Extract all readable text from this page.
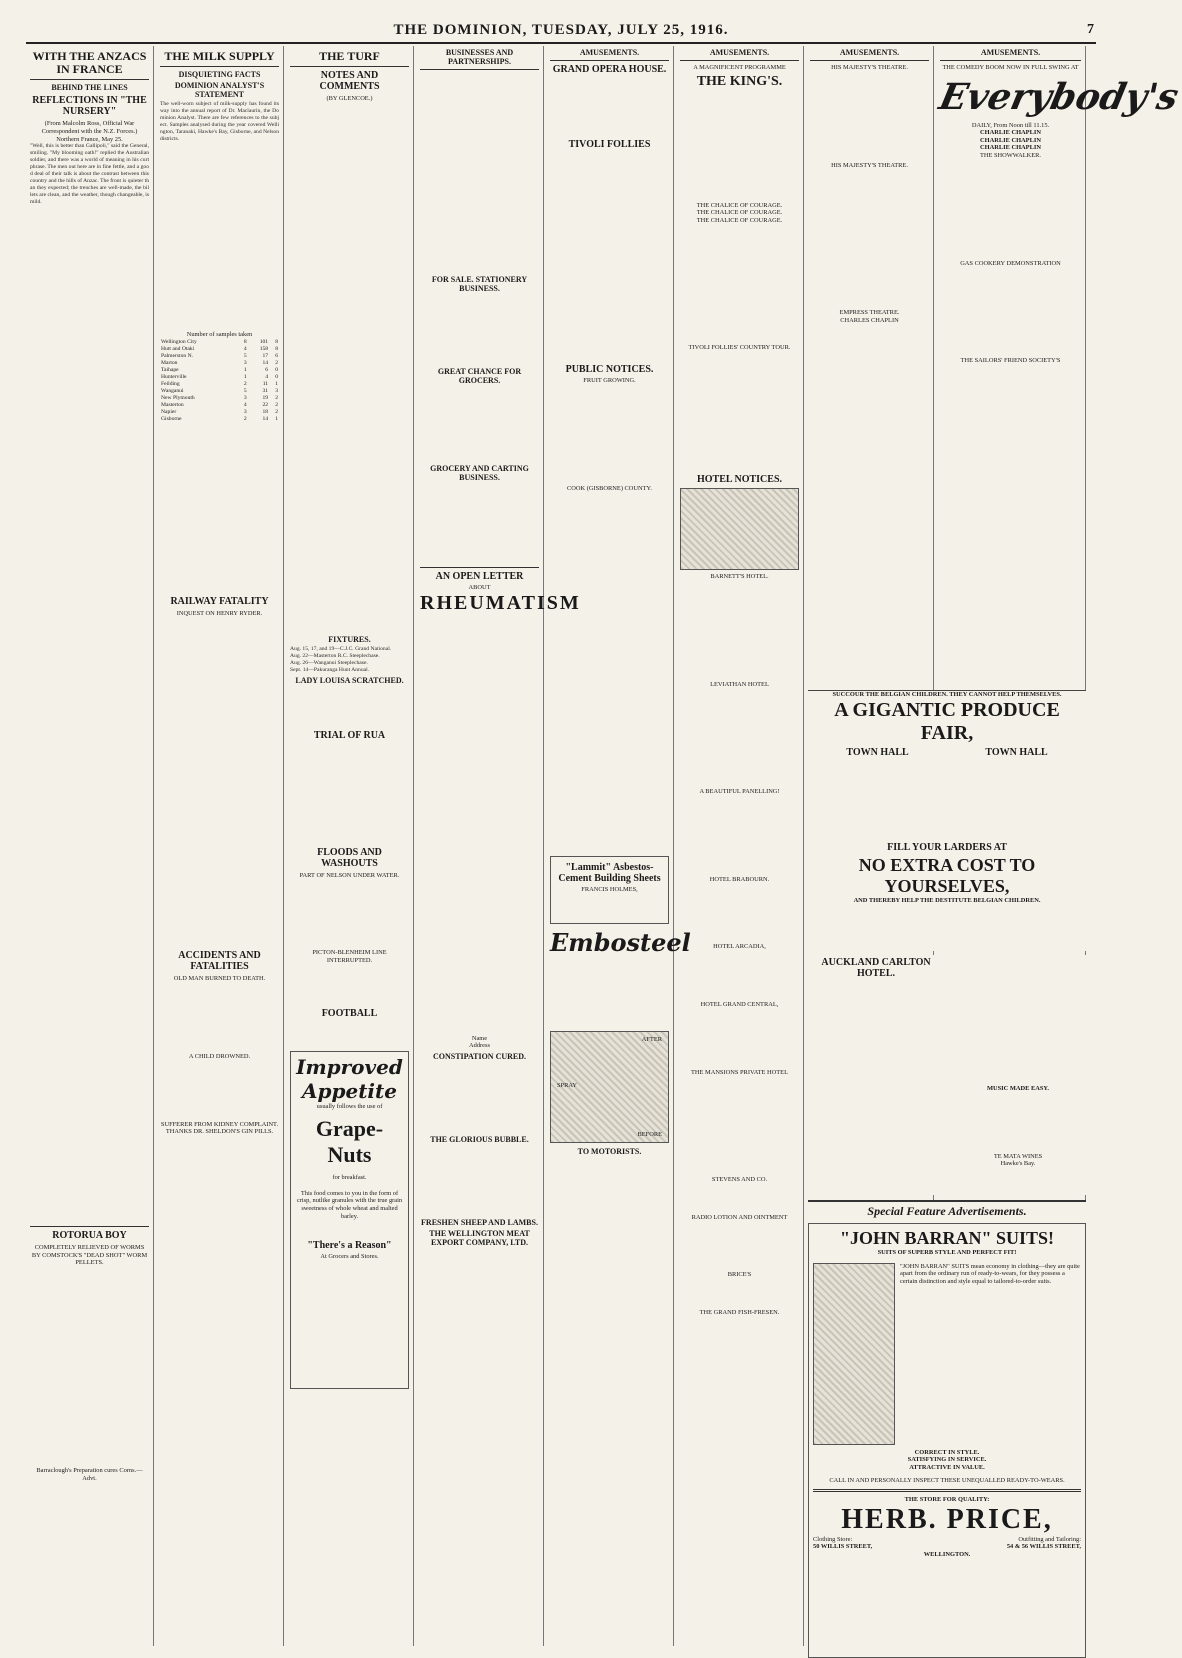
THE DOMINION, TUESDAY, JULY 25, 1916.	7
WITH THE ANZACS IN FRANCE
BEHIND THE LINES
REFLECTIONS IN "THE NURSERY"
(From Malcolm Ross, Official War Correspondent with the N.Z. Forces.)
Northern France, May 25.
"Well, this is better than Gallipoli," said the General, smiling. "My blooming oath!" replied the Australian soldier, and there was a world of meaning in his curt phrase. The men out here are in fine fettle, and a good deal of their talk is about the contrast between this country and the hills of Anzac. The front is quieter than they expected; the trenches are well-made, the billets are clean, and the weather, though changeable, is mild.
ROTORUA BOY
COMPLETELY RELIEVED OF WORMS BY COMSTOCK'S "DEAD SHOT" WORM PELLETS.
Barraclough's Preparation cures Corns.—Advt.
THE MILK SUPPLY
DISQUIETING FACTS
DOMINION ANALYST'S STATEMENT
The well-worn subject of milk-supply has found its way into the annual report of Dr. Maclaurin, the Dominion Analyst. There are few references to the subject. Samples analysed during the year covered Wellington, Taranaki, Hawke's Bay, Gisborne, and Nelson districts.
Number of samples taken
Wellington City	8	101	8
Hutt and Otaki	4	158	8
Palmerston N.	5	17	6
Marton	3	14	2
Taihape	1	6	0
Hunterville	1	4	0
Feilding	2	11	1
Wanganui	5	31	3
New Plymouth	3	19	2
Masterton	4	22	2
Napier	3	18	2
Gisborne	2	14	1
RAILWAY FATALITY
INQUEST ON HENRY RYDER.
ACCIDENTS AND FATALITIES
OLD MAN BURNED TO DEATH.
A CHILD DROWNED.
SUFFERER FROM KIDNEY COMPLAINT.
THANKS DR. SHELDON'S GIN PILLS.
THE TURF
NOTES AND COMMENTS
(BY GLENCOE.)
FIXTURES.
Aug. 15, 17, and 19—C.J.C. Grand National.
Aug. 22—Masterton R.C. Steeplechase.
Aug. 26—Wanganui Steeplechase.
Sept. 14—Pakuranga Hunt Annual.
LADY LOUISA SCRATCHED.
TRIAL OF RUA
FLOODS AND WASHOUTS
PART OF NELSON UNDER WATER.
PICTON-BLENHEIM LINE INTERRUPTED.
FOOTBALL
Improved
Appetite
usually follows the use of
Grape-Nuts
for breakfast.
This food comes to you in the form of crisp, nutlike granules with the true grain sweetness of whole wheat and malted barley.
"There's a Reason"
At Grocers and Stores.
BUSINESSES AND PARTNERSHIPS.
FOR SALE. STATIONERY BUSINESS.
GREAT CHANCE FOR GROCERS.
GROCERY AND CARTING BUSINESS.
AN OPEN LETTER
ABOUT
RHEUMATISM
Name
Address
CONSTIPATION CURED.
THE GLORIOUS BUBBLE.
FRESHEN SHEEP AND LAMBS.
THE WELLINGTON MEAT EXPORT COMPANY, LTD.
AMUSEMENTS.
GRAND OPERA HOUSE.
TIVOLI FOLLIES
PUBLIC NOTICES.
FRUIT GROWING.
COOK (GISBORNE) COUNTY.
"Lammit" Asbestos-Cement Building Sheets
FRANCIS HOLMES,
Embosteel
AFTER
SPRAY
BEFORE
TO MOTORISTS.
AMUSEMENTS.
A MAGNIFICENT PROGRAMME
THE KING'S.
THE CHALICE OF COURAGE.
THE CHALICE OF COURAGE.
THE CHALICE OF COURAGE.
TIVOLI FOLLIES' COUNTRY TOUR.
HOTEL NOTICES.
BARNETT'S HOTEL.
LEVIATHAN HOTEL
A BEAUTIFUL PANELLING!
HOTEL BRABOURN.
HOTEL ARCADIA,
HOTEL GRAND CENTRAL,
THE MANSIONS PRIVATE HOTEL
STEVENS AND CO.
RADIO LOTION AND OINTMENT
BRICE'S
THE GRAND FISH-FRESEN.
AMUSEMENTS.
HIS MAJESTY'S THEATRE.
HIS MAJESTY'S THEATRE.
EMPRESS THEATRE.
CHARLES CHAPLIN
AMUSEMENTS.
THE COMEDY BOOM NOW IN FULL SWING AT
Everybody's
DAILY, From Noon till 11.15.
CHARLIE CHAPLIN
CHARLIE CHAPLIN
CHARLIE CHAPLIN
THE SHOWWALKER.
GAS COOKERY DEMONSTRATION
THE SAILORS' FRIEND SOCIETY'S
SUCCOUR THE BELGIAN CHILDREN. THEY CANNOT HELP THEMSELVES.
A GIGANTIC PRODUCE FAIR,
TOWN HALL	TOWN HALL
FILL YOUR LARDERS AT
NO EXTRA COST TO YOURSELVES,
AND THEREBY HELP THE DESTITUTE BELGIAN CHILDREN.
AUCKLAND CARLTON HOTEL.
MUSIC MADE EASY.
TE MATA WINES
Hawke's Bay.
Special Feature Advertisements.
"JOHN BARRAN" SUITS!
SUITS OF SUPERB STYLE AND PERFECT FIT!
"JOHN BARRAN" SUITS mean economy in clothing—they are quite apart from the ordinary run of ready-to-wears, for they possess a certain distinction and style equal to tailored-to-order suits.
CORRECT IN STYLE.
SATISFYING IN SERVICE.
ATTRACTIVE IN VALUE.
CALL IN AND PERSONALLY INSPECT THESE UNEQUALLED READY-TO-WEARS.
THE STORE FOR QUALITY:
HERB. PRICE,
Clothing Store:	Outfitting and Tailoring:
50 WILLIS STREET,	54 & 56 WILLIS STREET,
WELLINGTON.
